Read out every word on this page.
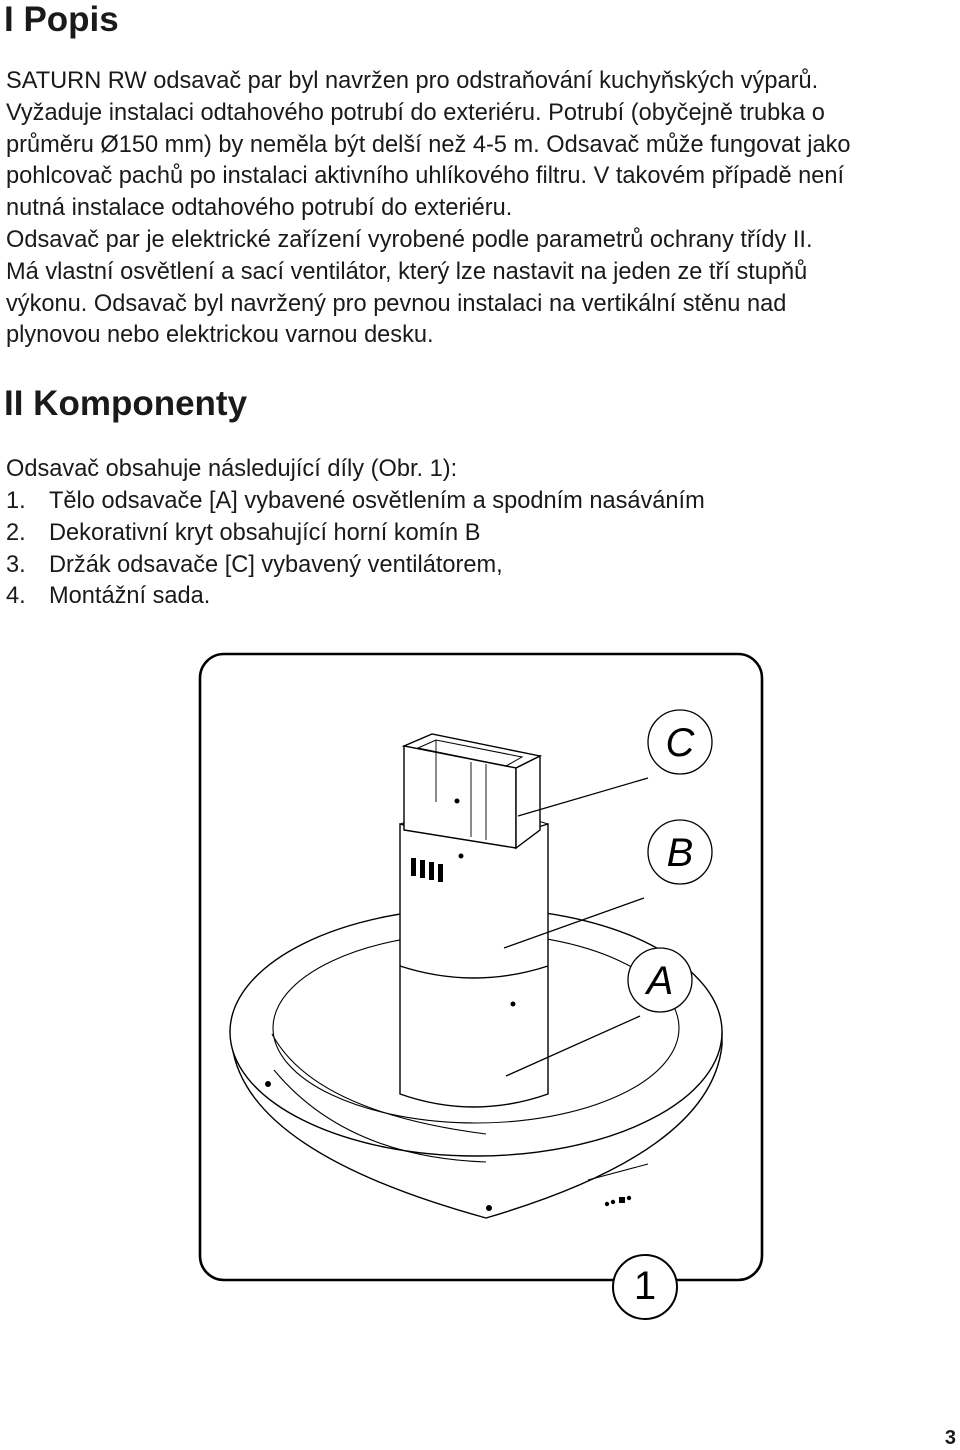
I Popis

SATURN RW odsavač par byl navržen pro odstraňování kuchyňských výparů.
Vyžaduje instalaci odtahového potrubí do exteriéru. Potrubí (obyčejně trubka o
průměru Ø150 mm) by neměla být delší než 4-5 m. Odsavač může fungovat jako
pohlcovač pachů po instalaci aktivního uhlíkového filtru. V takovém případě není
nutná instalace odtahového potrubí do exteriéru.
Odsavač par je elektrické zařízení vyrobené podle parametrů ochrany třídy II.
Má vlastní osvětlení a sací ventilátor, který lze nastavit na jeden ze tří stupňů
výkonu. Odsavač byl navržený pro pevnou instalaci na vertikální stěnu nad
plynovou nebo elektrickou varnou desku.

II Komponenty

Odsavač obsahuje následující díly (Obr. 1):

1. Tělo odsavače [A] vybavené osvětlením a spodním nasáváním
2. Dekorativní kryt obsahující horní komín B
3. Držák odsavače [C] vybavený ventilátorem,
4. Montážní sada.
C
B
A
1
3
